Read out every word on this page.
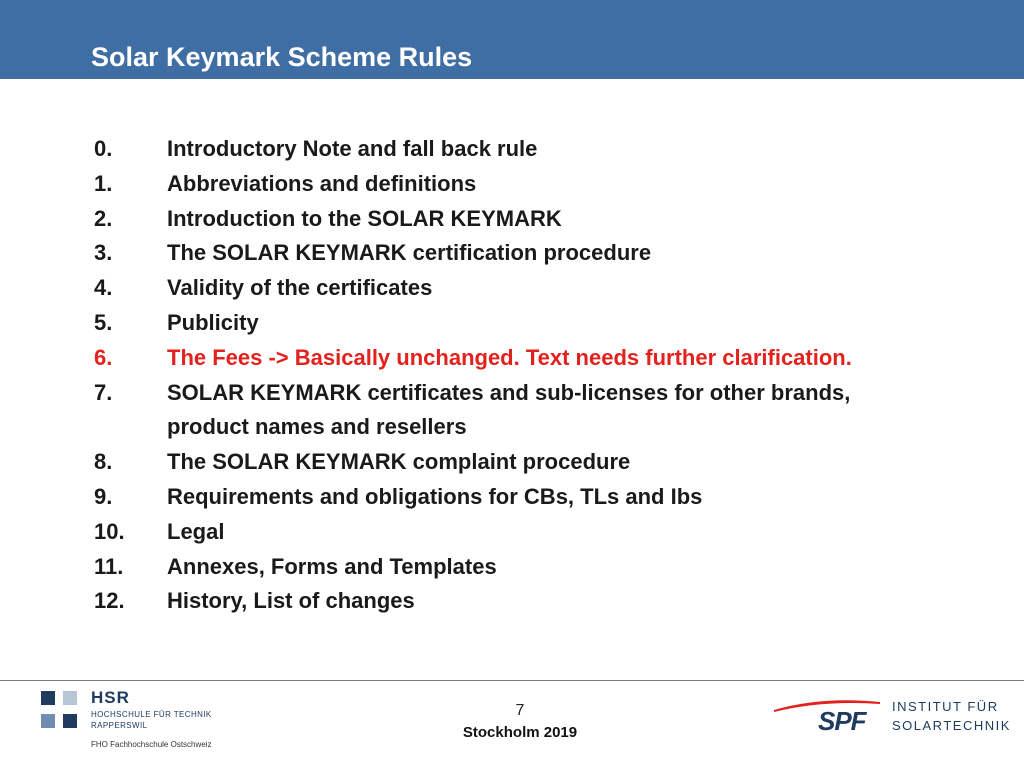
Solar Keymark Scheme Rules
0. Introductory Note and fall back rule
1. Abbreviations and definitions
2. Introduction to the SOLAR KEYMARK
3. The SOLAR KEYMARK certification procedure
4. Validity of the certificates
5. Publicity
6. The Fees -> Basically unchanged. Text needs further clarification.
7. SOLAR KEYMARK certificates and sub-licenses for other brands,
product names and resellers
8. The SOLAR KEYMARK complaint procedure
9. Requirements and obligations for CBs, TLs and Ibs
10. Legal
11. Annexes, Forms and Templates
12. History, List of changes
HSR
HOCHSCHULE FÜR TECHNIK
RAPPERSWIL
FHO Fachhochschule Ostschweiz
7
Stockholm 2019	SPF INSTITUT FÜR
SOLARTECHNIK
